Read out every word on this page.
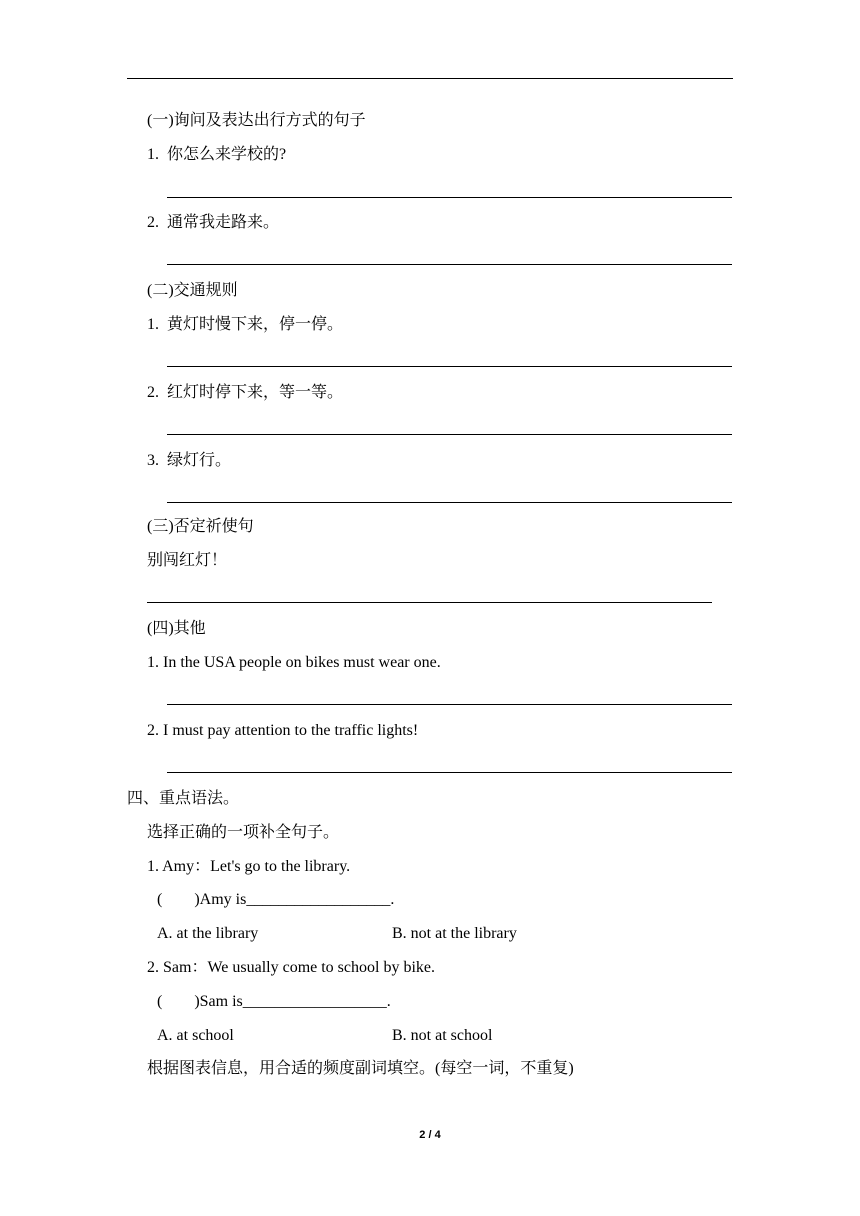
(一)询问及表达出行方式的句子
1.  你怎么来学校的?
2.  通常我走路来。
(二)交通规则
1.  黄灯时慢下来，停一停。
2.  红灯时停下来，等一等。
3.  绿灯行。
(三)否定祈使句
别闯红灯！
(四)其他
1. In the USA people on bikes must wear one.
2. I must pay attention to the traffic lights!
四、重点语法。
选择正确的一项补全句子。
1. Amy：Let's go to the library.
(        )Amy is__________________.
A. at the library	B. not at the library
2. Sam：We usually come to school by bike.
(        )Sam is__________________.
A. at school	B. not at school
根据图表信息，用合适的频度副词填空。(每空一词，不重复)
2 / 4
